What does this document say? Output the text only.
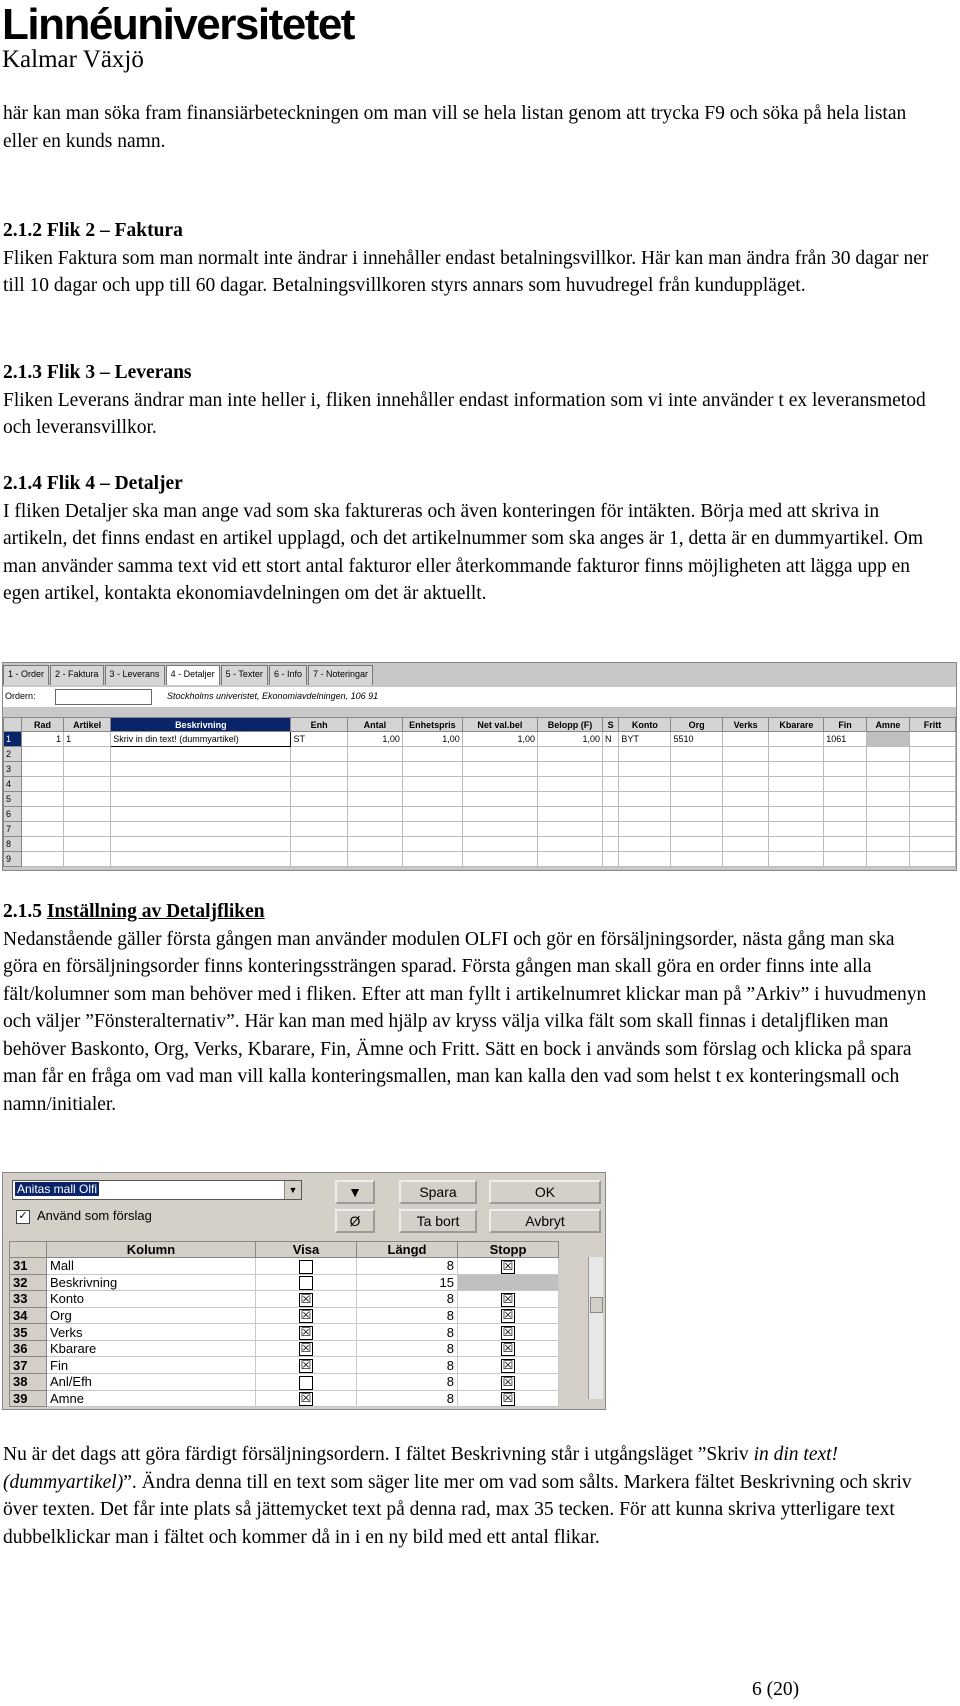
Linnéuniversitetet
Kalmar Växjö

här kan man söka fram finansiärbeteckningen om man vill se hela listan genom att trycka F9 och söka på hela listan eller en kunds namn.

2.1.2 Flik 2 – Faktura

Fliken Faktura som man normalt inte ändrar i innehåller endast betalningsvillkor. Här kan man ändra från 30 dagar ner till 10 dagar och upp till 60 dagar. Betalningsvillkoren styrs annars som huvudregel från kunduppläget.

2.1.3 Flik 3 – Leverans

Fliken Leverans ändrar man inte heller i, fliken innehåller endast information som vi inte använder t ex leveransmetod och leveransvillkor.

2.1.4 Flik 4 – Detaljer

I fliken Detaljer ska man ange vad som ska faktureras och även konteringen för intäkten. Börja med att skriva in artikeln, det finns endast en artikel upplagd, och det artikelnummer som ska anges är 1, detta är en dummyartikel. Om man använder samma text vid ett stort antal fakturor eller återkommande fakturor finns möjligheten att lägga upp en egen artikel, kontakta ekonomiavdelningen om det är aktuellt.

1 - Order	2 - Faktura	3 - Leverans	4 - Detaljer	5 - Texter	6 - Info	7 - Noteringar
Ordern:	Stockholms univeristet, Ekonomiavdelningen, 106 91
	Rad	Artikel	Beskrivning	Enh	Antal	Enhetspris	Net val.bel	Belopp (F)	S	Konto	Org	Verks	Kbarare	Fin	Amne	Fritt
1	1	1	Skriv in din text! (dummyartikel)	ST	1,00	1,00	1,00	1,00	N	BYT	5510			1061		
2																
3																
4																
5																
6																
7																
8																
9																

2.1.5 Inställning av Detaljfliken

Nedanstående gäller första gången man använder modulen OLFI och gör en försäljningsorder, nästa gång man ska göra en försäljningsorder finns konteringssträngen sparad. Första gången man skall göra en order finns inte alla fält/kolumner som man behöver med i fliken. Efter att man fyllt i artikelnumret klickar man på ”Arkiv” i huvudmenyn och väljer ”Fönsteralternativ”. Här kan man med hjälp av kryss välja vilka fält som skall finnas i detaljfliken man behöver Baskonto, Org, Verks, Kbarare, Fin, Ämne och Fritt. Sätt en bock i används som förslag och klicka på spara man får en fråga om vad man vill kalla konteringsmallen, man kan kalla den vad som helst t ex konteringsmall och namn/initialer.

Anitas mall Olfi	▼	▼	Spara	OK
Ø	Ta bort	Avbryt
✓ Använd som förslag
	Kolumn	Visa	Längd	Stopp
31	Mall		8	☒
32	Beskrivning		15	
33	Konto	☒	8	☒
34	Org	☒	8	☒
35	Verks	☒	8	☒
36	Kbarare	☒	8	☒
37	Fin	☒	8	☒
38	Anl/Efh		8	☒
39	Amne	☒	8	☒

Nu är det dags att göra färdigt försäljningsordern. I fältet Beskrivning står i utgångsläget ”Skriv in din text! (dummyartikel)”. Ändra denna till en text som säger lite mer om vad som sålts. Markera fältet Beskrivning och skriv över texten. Det får inte plats så jättemycket text på denna rad, max 35 tecken. För att kunna skriva ytterligare text dubbelklickar man i fältet och kommer då in i en ny bild med ett antal flikar.

6 (20)
